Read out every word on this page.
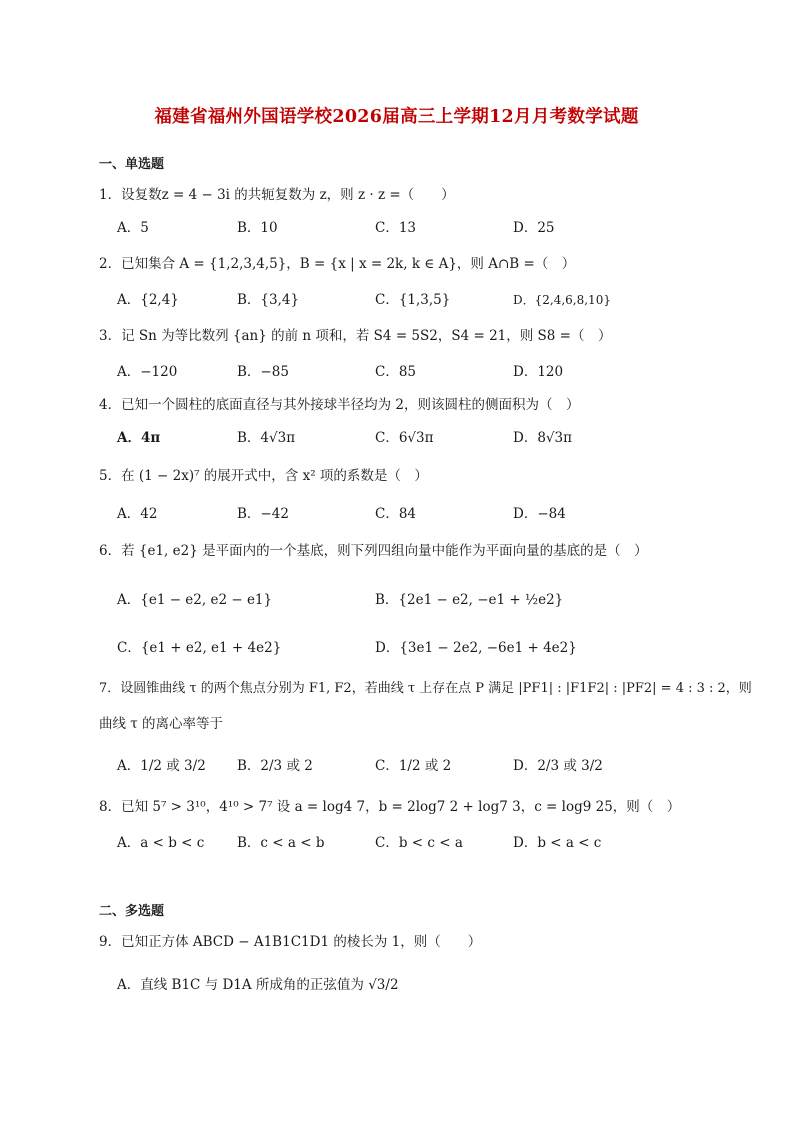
福建省福州外国语学校2026届高三上学期12月月考数学试题
一、单选题
1．设复数z = 4 − 3i 的共轭复数为 z，则 z · z =（　　）
A．5	B．10	C．13	D．25
2．已知集合 A = {1,2,3,4,5}，B = {x | x = 2k, k ∈ A}，则 A∩B =（　）
A．{2,4}	B．{3,4}	C．{1,3,5}	D．{2,4,6,8,10}
3．记 Sn 为等比数列 {an} 的前 n 项和，若 S4 = 5S2，S4 = 21，则 S8 =（　）
A．−120	B．−85	C．85	D．120
4．已知一个圆柱的底面直径与其外接球半径均为 2，则该圆柱的侧面积为（　）
A．4π	B．4√3π	C．6√3π	D．8√3π
5．在 (1 − 2x)⁷ 的展开式中，含 x² 项的系数是（　）
A．42	B．−42	C．84	D．−84
6．若 {e1, e2} 是平面内的一个基底，则下列四组向量中能作为平面向量的基底的是（　）
A．{e1 − e2, e2 − e1}	B．{2e1 − e2, −e1 + ½e2}
C．{e1 + e2, e1 + 4e2}	D．{3e1 − 2e2, −6e1 + 4e2}
7．设圆锥曲线 τ 的两个焦点分别为 F1, F2，若曲线 τ 上存在点 P 满足 |PF1| : |F1F2| : |PF2| = 4 : 3 : 2，则
曲线 τ 的离心率等于
A．1/2 或 3/2 B．2/3 或 2	C．1/2 或 2	D．2/3 或 3/2
8．已知 5⁷ > 3¹⁰，4¹⁰ > 7⁷ 设 a = log4 7，b = 2log7 2 + log7 3，c = log9 25，则（　）
A．a < b < c B．c < a < b	C．b < c < a	D．b < a < c
二、多选题
9．已知正方体 ABCD − A1B1C1D1 的棱长为 1，则（　　）
A．直线 B1C 与 D1A 所成角的正弦值为 √3/2
